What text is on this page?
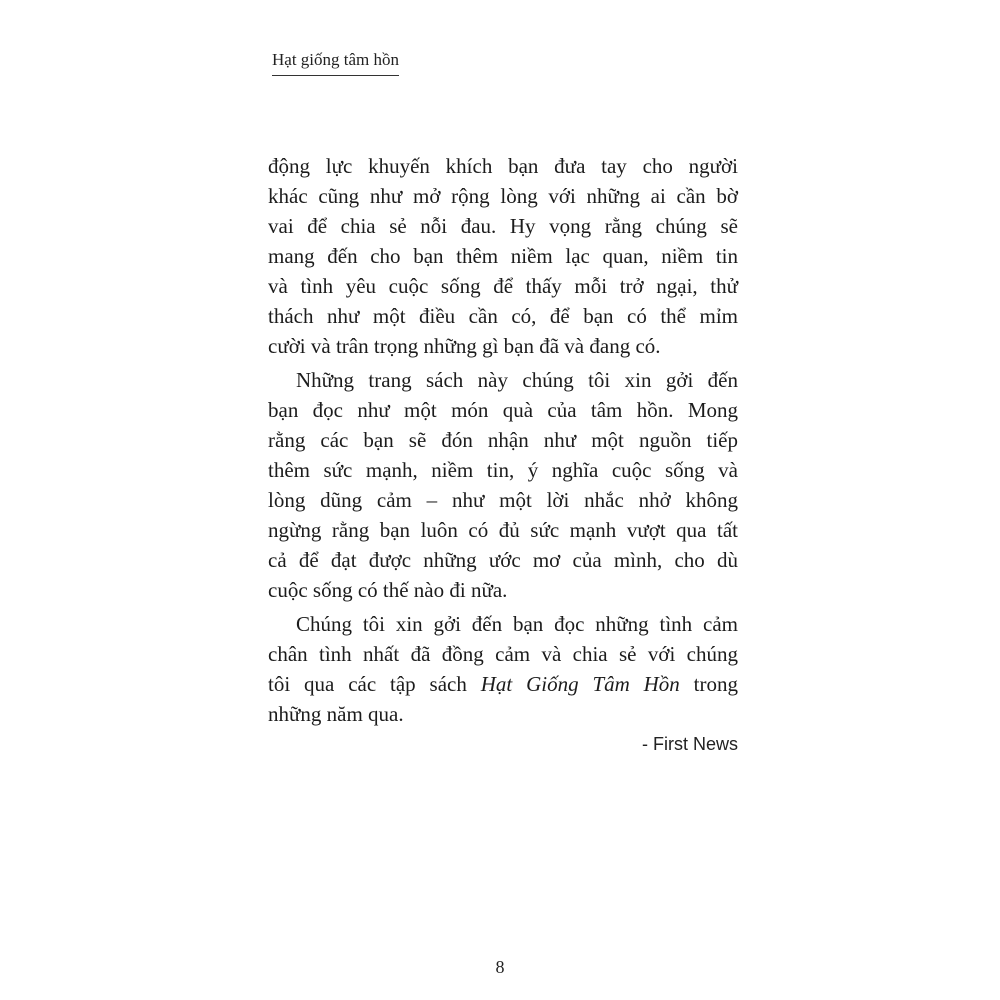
Hạt giống tâm hồn
động lực khuyến khích bạn đưa tay cho người
khác cũng như mở rộng lòng với những ai cần bờ
vai để chia sẻ nỗi đau. Hy vọng rằng chúng sẽ
mang đến cho bạn thêm niềm lạc quan, niềm tin
và tình yêu cuộc sống để thấy mỗi trở ngại, thử
thách như một điều cần có, để bạn có thể mỉm
cười và trân trọng những gì bạn đã và đang có.
Những trang sách này chúng tôi xin gởi đến
bạn đọc như một món quà của tâm hồn. Mong
rằng các bạn sẽ đón nhận như một nguồn tiếp
thêm sức mạnh, niềm tin, ý nghĩa cuộc sống và
lòng dũng cảm – như một lời nhắc nhở không
ngừng rằng bạn luôn có đủ sức mạnh vượt qua tất
cả để đạt được những ước mơ của mình, cho dù
cuộc sống có thế nào đi nữa.
Chúng tôi xin gởi đến bạn đọc những tình cảm
chân tình nhất đã đồng cảm và chia sẻ với chúng
tôi qua các tập sách Hạt Giống Tâm Hồn trong
những năm qua.
- First News
8
